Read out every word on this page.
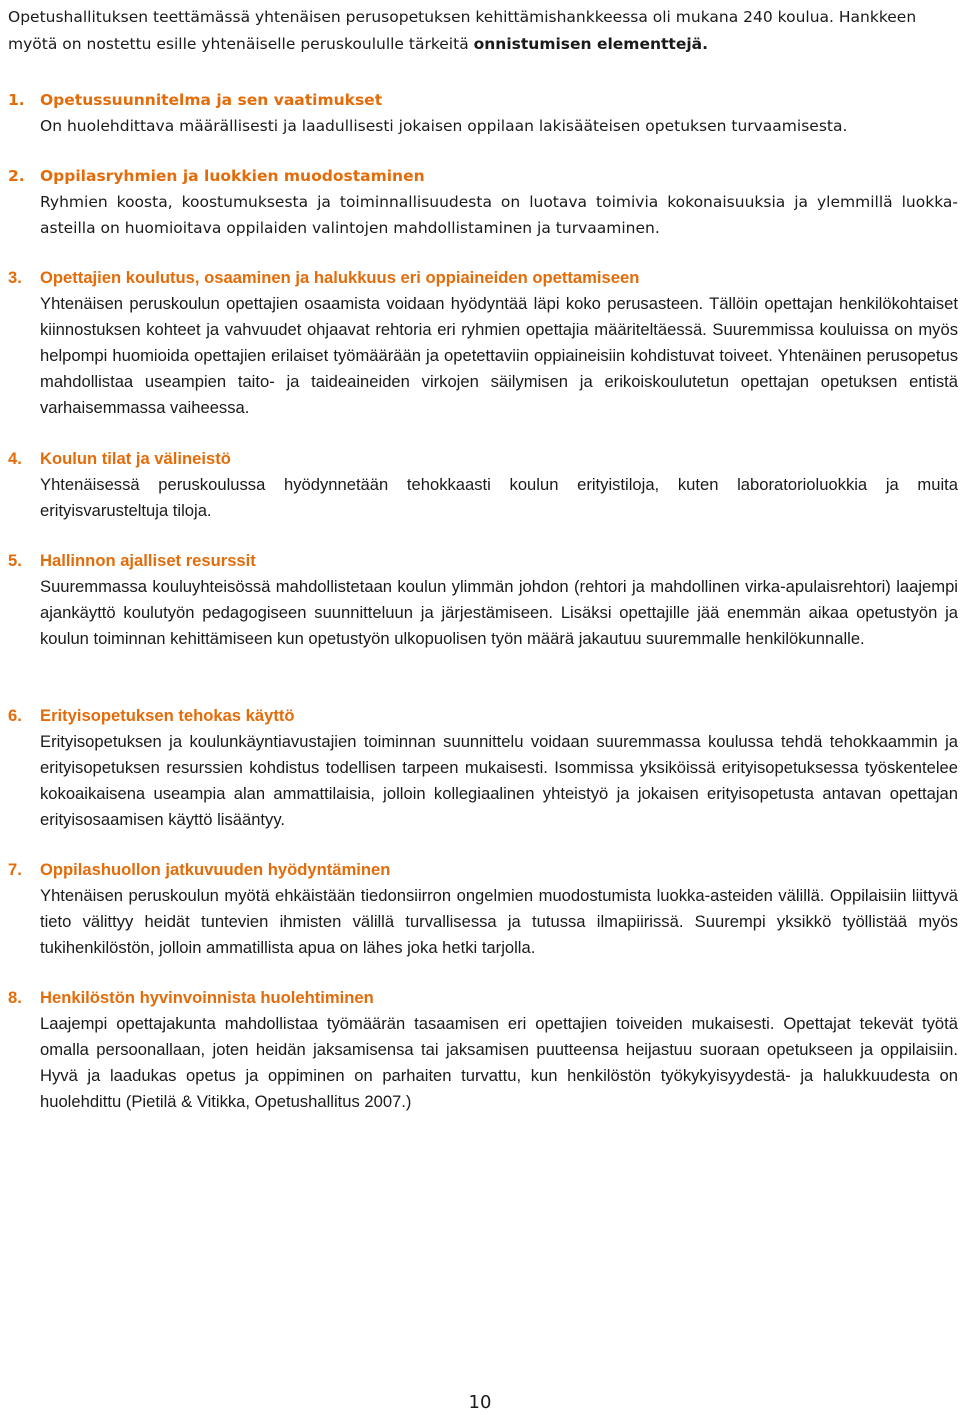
Opetushallituksen teettämässä yhtenäisen perusopetuksen kehittämishankkeessa oli mukana 240 koulua. Hankkeen myötä on nostettu esille yhtenäiselle peruskoululle tärkeitä onnistumisen elementtejä.
1. Opetussuunnitelma ja sen vaatimukset
On huolehdittava määrällisesti ja laadullisesti jokaisen oppilaan lakisääteisen opetuksen turvaamisesta.
2. Oppilasryhmien ja luokkien muodostaminen
Ryhmien koosta, koostumuksesta ja toiminnallisuudesta on luotava toimivia kokonaisuuksia ja ylemmillä luokka-asteilla on huomioitava oppilaiden valintojen mahdollistaminen ja turvaaminen.
3.	Opettajien koulutus, osaaminen ja halukkuus eri oppiaineiden opettamiseen
Yhtenäisen peruskoulun opettajien osaamista voidaan hyödyntää läpi koko perusasteen. Tällöin opettajan henkilökohtaiset kiinnostuksen kohteet ja vahvuudet ohjaavat rehtoria eri ryhmien opettajia määriteltäessä. Suuremmissa kouluissa on myös helpompi huomioida opettajien erilaiset työmäärään ja opetettaviin oppiaineisiin kohdistuvat toiveet. Yhtenäinen perusopetus mahdollistaa useampien taito- ja taideaineiden virkojen säilymisen ja erikoiskoulutetun opettajan opetuksen entistä varhaisemmassa vaiheessa.
4.	Koulun tilat ja välineistö
Yhtenäisessä peruskoulussa hyödynnetään tehokkaasti koulun erityistiloja, kuten laboratorioluokkia ja muita erityisvarusteltuja tiloja.
5.	Hallinnon ajalliset resurssit
Suuremmassa kouluyhteisössä mahdollistetaan koulun ylimmän johdon (rehtori ja mahdollinen virka-apulaisrehtori) laajempi ajankäyttö koulutyön pedagogiseen suunnitteluun ja järjestämiseen. Lisäksi opettajille jää enemmän aikaa opetustyön ja koulun toiminnan kehittämiseen kun opetustyön ulkopuolisen työn määrä jakautuu suuremmalle henkilökunnalle.
6.	Erityisopetuksen tehokas käyttö
Erityisopetuksen ja koulunkäyntiavustajien toiminnan suunnittelu voidaan suuremmassa koulussa tehdä tehokkaammin ja erityisopetuksen resurssien kohdistus todellisen tarpeen mukaisesti. Isommissa yksiköissä erityisopetuksessa työskentelee kokoaikaisena useampia alan ammattilaisia, jolloin kollegiaalinen yhteistyö ja jokaisen erityisopetusta antavan opettajan erityisosaamisen käyttö lisääntyy.
7.	Oppilashuollon jatkuvuuden hyödyntäminen
Yhtenäisen peruskoulun myötä ehkäistään tiedonsiirron ongelmien muodostumista luokka-asteiden välillä. Oppilaisiin liittyvä tieto välittyy heidät tuntevien ihmisten välillä turvallisessa ja tutussa ilmapiirissä. Suurempi yksikkö työllistää myös tukihenkilöstön, jolloin ammatillista apua on lähes joka hetki tarjolla.
8.	Henkilöstön hyvinvoinnista huolehtiminen
Laajempi opettajakunta mahdollistaa työmäärän tasaamisen eri opettajien toiveiden mukaisesti. Opettajat tekevät työtä omalla persoonallaan, joten heidän jaksamisensa tai jaksamisen puutteensa heijastuu suoraan opetukseen ja oppilaisiin. Hyvä ja laadukas opetus ja oppiminen on parhaiten turvattu, kun henkilöstön työkykyisyydestä- ja halukkuudesta on huolehdittu (Pietilä & Vitikka, Opetushallitus 2007.)
10
